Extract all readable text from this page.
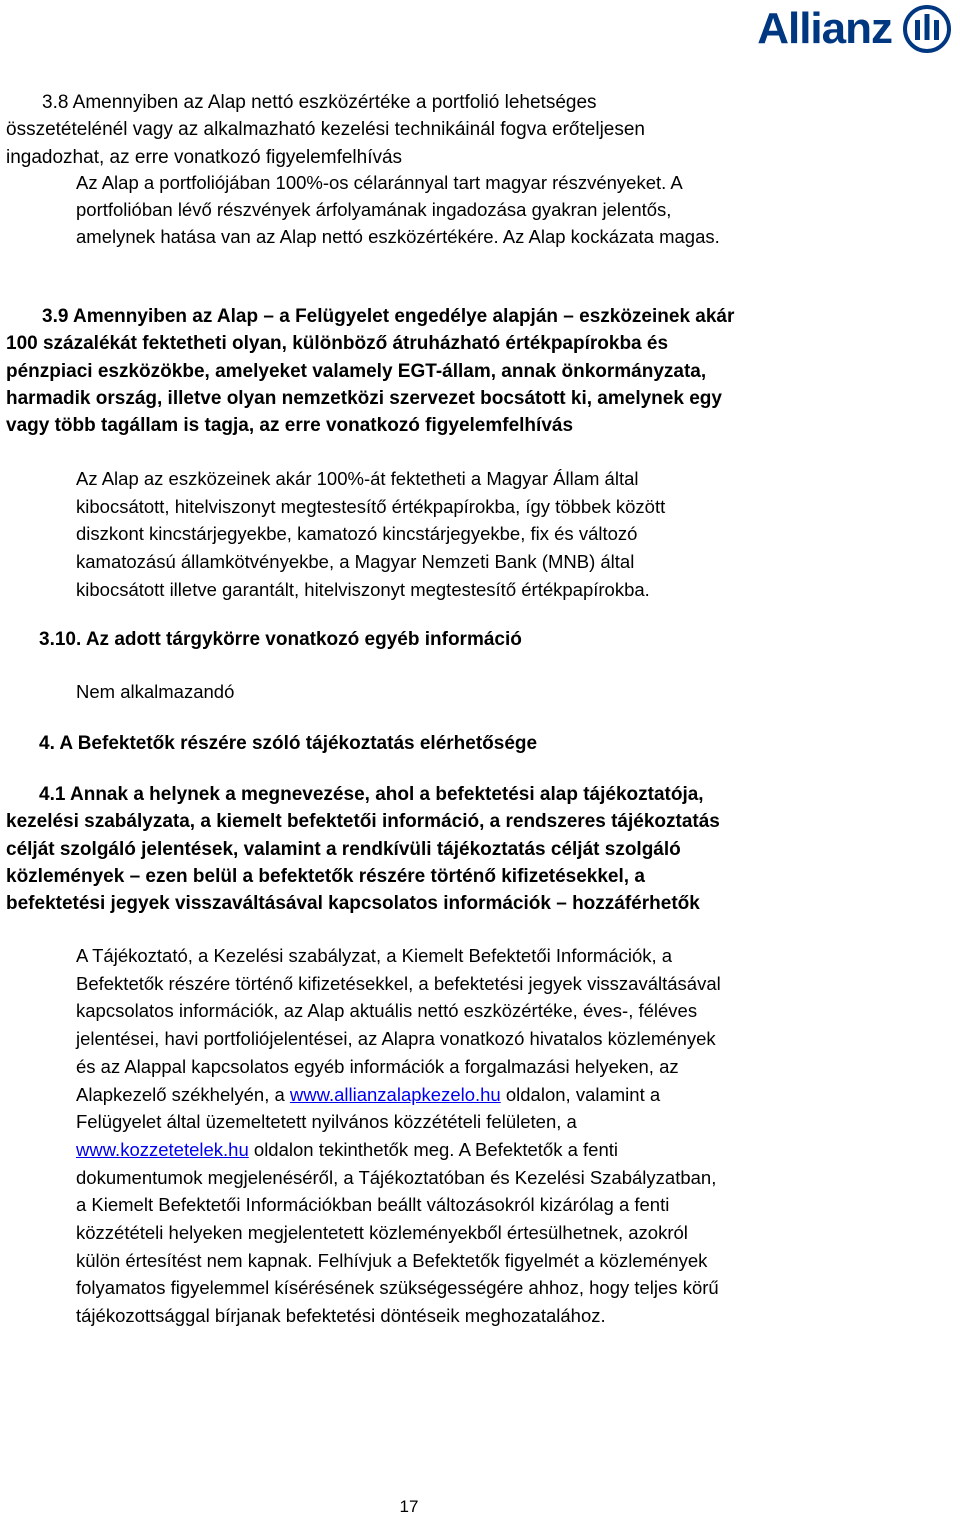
Allianz
3.8 Amennyiben az Alap nettó eszközértéke a portfolió lehetséges
összetételénél vagy az alkalmazható kezelési technikáinál fogva erőteljesen
ingadozhat, az erre vonatkozó figyelemfelhívás
Az Alap a portfoliójában 100%-os célaránnyal tart magyar részvényeket. A
portfolióban lévő részvények árfolyamának ingadozása gyakran jelentős,
amelynek hatása van az Alap nettó eszközértékére. Az Alap kockázata magas.
3.9 Amennyiben az Alap – a Felügyelet engedélye alapján – eszközeinek akár
100 százalékát fektetheti olyan, különböző átruházható értékpapírokba és
pénzpiaci eszközökbe, amelyeket valamely EGT-állam, annak önkormányzata,
harmadik ország, illetve olyan nemzetközi szervezet bocsátott ki, amelynek egy
vagy több tagállam is tagja, az erre vonatkozó figyelemfelhívás
Az Alap az eszközeinek akár 100%-át fektetheti a Magyar Állam által
kibocsátott, hitelviszonyt megtestesítő értékpapírokba, így többek között
diszkont kincstárjegyekbe, kamatozó kincstárjegyekbe, fix és változó
kamatozású államkötvényekbe, a Magyar Nemzeti Bank (MNB) által
kibocsátott illetve garantált, hitelviszonyt megtestesítő értékpapírokba.
3.10. Az adott tárgykörre vonatkozó egyéb információ
Nem alkalmazandó
4. A Befektetők részére szóló tájékoztatás elérhetősége
4.1 Annak a helynek a megnevezése, ahol a befektetési alap tájékoztatója,
kezelési szabályzata, a kiemelt befektetői információ, a rendszeres tájékoztatás
célját szolgáló jelentések, valamint a rendkívüli tájékoztatás célját szolgáló
közlemények – ezen belül a befektetők részére történő kifizetésekkel, a
befektetési jegyek visszaváltásával kapcsolatos információk – hozzáférhetők
A Tájékoztató, a Kezelési szabályzat, a Kiemelt Befektetői Információk, a
Befektetők részére történő kifizetésekkel, a befektetési jegyek visszaváltásával
kapcsolatos információk, az Alap aktuális nettó eszközértéke, éves-, féléves
jelentései, havi portfoliójelentései, az Alapra vonatkozó hivatalos közlemények
és az Alappal kapcsolatos egyéb információk a forgalmazási helyeken, az
Alapkezelő székhelyén, a www.allianzalapkezelo.hu oldalon, valamint a
Felügyelet által üzemeltetett nyilvános közzétételi felületen, a
www.kozzetetelek.hu oldalon tekinthetők meg. A Befektetők a fenti
dokumentumok megjelenéséről, a Tájékoztatóban és Kezelési Szabályzatban,
a Kiemelt Befektetői Információkban beállt változásokról kizárólag a fenti
közzétételi helyeken megjelentetett közleményekből értesülhetnek, azokról
külön értesítést nem kapnak. Felhívjuk a Befektetők figyelmét a közlemények
folyamatos figyelemmel kísérésének szükségességére ahhoz, hogy teljes körű
tájékozottsággal bírjanak befektetési döntéseik meghozatalához.
17
